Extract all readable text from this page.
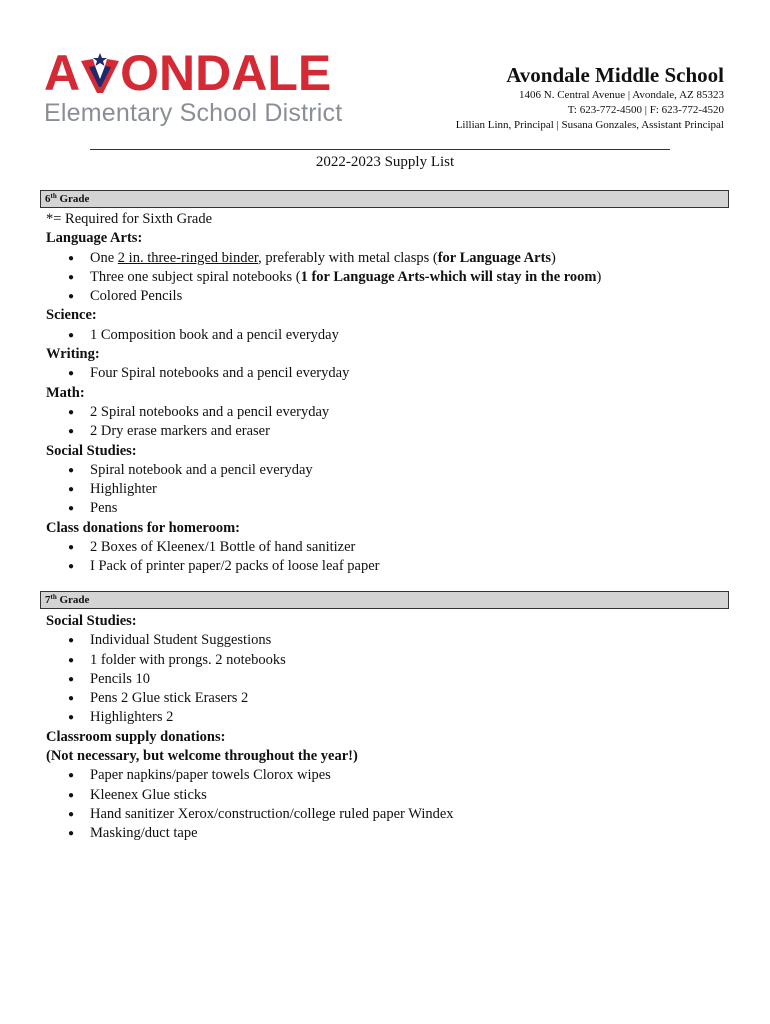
A ONDALE
Elementary School District
Avondale Middle School
1406 N. Central Avenue | Avondale, AZ 85323
T: 623-772-4500 | F: 623-772-4520
Lillian Linn, Principal | Susana Gonzales, Assistant Principal
2022-2023 Supply List
6th Grade

*= Required for Sixth Grade

Language Arts:

● One 2 in. three-ringed binder, preferably with metal clasps (for Language Arts)
● Three one subject spiral notebooks (1 for Language Arts-which will stay in the room)
● Colored Pencils

Science:

● 1 Composition book and a pencil everyday

Writing:

● Four Spiral notebooks and a pencil everyday

Math:

● 2 Spiral notebooks and a pencil everyday
● 2 Dry erase markers and eraser

Social Studies:

● Spiral notebook and a pencil everyday
● Highlighter
● Pens

Class donations for homeroom:

● 2 Boxes of Kleenex/1 Bottle of hand sanitizer
● I Pack of printer paper/2 packs of loose leaf paper
7th Grade

Social Studies:

● Individual Student Suggestions
● 1 folder with prongs. 2 notebooks
● Pencils 10
● Pens 2 Glue stick Erasers 2
● Highlighters 2

Classroom supply donations:

(Not necessary, but welcome throughout the year!)

● Paper napkins/paper towels Clorox wipes
● Kleenex Glue sticks
● Hand sanitizer Xerox/construction/college ruled paper Windex
● Masking/duct tape
